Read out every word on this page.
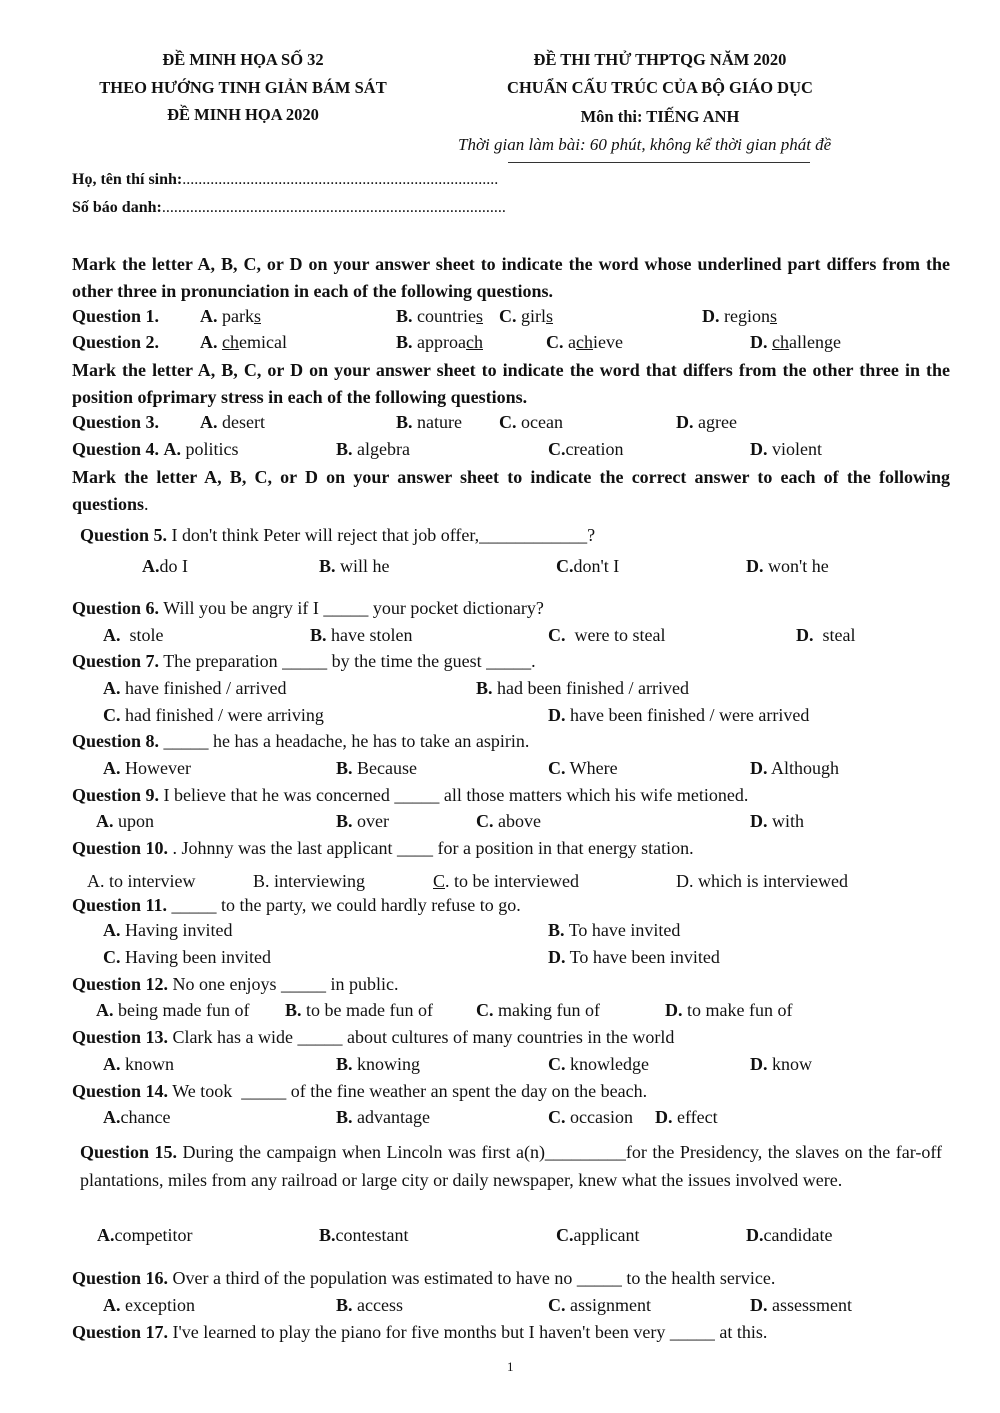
ĐỀ MINH HỌA SỐ 32
THEO HƯỚNG TINH GIẢN BÁM SÁT
ĐỀ MINH HỌA 2020
ĐỀ THI THỬ THPTQG NĂM 2020
CHUẨN CẤU TRÚC CỦA BỘ GIÁO DỤC
Môn thi: TIẾNG ANH
Thời gian làm bài: 60 phút, không kể thời gian phát đề
Họ, tên thí sinh:...............................................................................
Số báo danh:......................................................................................
Mark the letter A, B, C, or D on your answer sheet to indicate the word whose underlined part differs from the other three in pronunciation in each of the following questions.
Question 1. A. parks	B. countries C. girls	D. regions
Question 2. A. chemical	B. approach	C. achieve	D. challenge
Mark the letter A, B, C, or D on your answer sheet to indicate the word that differs from the other three in the position ofprimary stress in each of the following questions.
Question 3. A. desert	B. nature C. ocean	D. agree
Question 4. A. politics	B. algebra	C.creation	D. violent
Mark the letter A, B, C, or D on your answer sheet to indicate the correct answer to each of the following questions.
Question 5. I don't think Peter will reject that job offer,____________?
A.do I	B. will he	C.don't I	D. won't he
Question 6. Will you be angry if I _____ your pocket dictionary?
A.  stole	B. have stolen	C.  were to steal	D.  steal
Question 7. The preparation _____ by the time the guest _____.
A. have finished / arrived	B. had been finished / arrived
C. had finished / were arriving	D. have been finished / were arrived
Question 8. _____ he has a headache, he has to take an aspirin.
A. However	B. Because	C. Where	D. Although
Question 9. I believe that he was concerned _____ all those matters which his wife metioned.
A. upon	B. over	C. above	D. with
Question 10. . Johnny was the last applicant ____ for a position in that energy station.
A. to interview	B. interviewing	C. to be interviewed	D. which is interviewed
Question 11. _____ to the party, we could hardly refuse to go.
A. Having invited	B. To have invited
C. Having been invited	D. To have been invited
Question 12. No one enjoys _____ in public.
A. being made fun of B. to be made fun of C. making fun of	D. to make fun of
Question 13. Clark has a wide _____ about cultures of many countries in the world
A. known	B. knowing	C. knowledge	D. know
Question 14. We took  _____ of the fine weather an spent the day on the beach.
A.chance	B. advantage	C. occasion D. effect
Question 15. During the campaign when Lincoln was first a(n)_________for the Presidency, the slaves on the far-off plantations, miles from any railroad or large city or daily newspaper, knew what the issues involved were.
A.competitor	B.contestant	C.applicant	D.candidate
Question 16. Over a third of the population was estimated to have no _____ to the health service.
A. exception	B. access	C. assignment	D. assessment
Question 17. I've learned to play the piano for five months but I haven't been very _____ at this.
1
